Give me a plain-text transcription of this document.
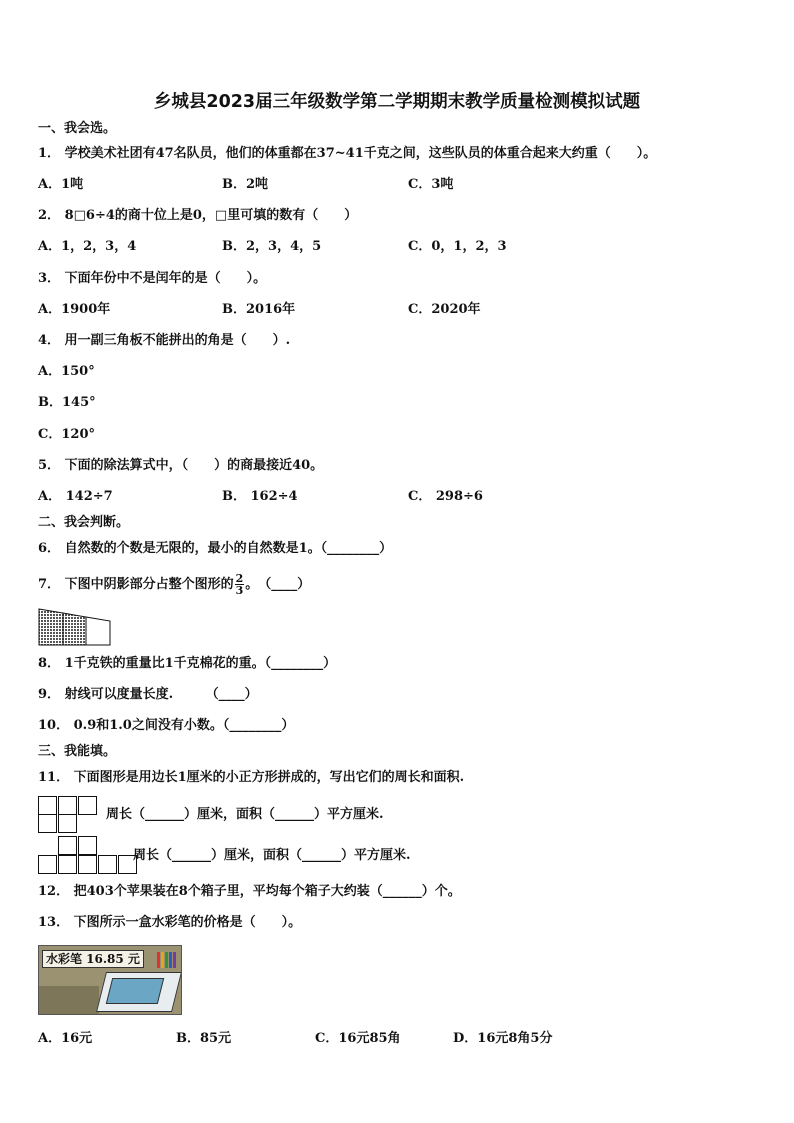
乡城县2023届三年级数学第二学期期末教学质量检测模拟试题
一、我会选。
1． 学校美术社团有47名队员，他们的体重都在37~41千克之间，这些队员的体重合起来大约重（　　）。
A．1吨	B．2吨	C．3吨
2． 8□6÷4的商十位上是0，□里可填的数有（　　）
A．1，2，3，4	B．2，3，4，5	C．0，1，2，3
3． 下面年份中不是闰年的是（　　）。
A．1900年	B．2016年	C．2020年
4． 用一副三角板不能拼出的角是（　　）.
A．150°
B．145°
C．120°
5． 下面的除法算式中，（　　）的商最接近40。
A． 142÷7	B． 162÷4	C． 298÷6
二、我会判断。
6． 自然数的个数是无限的，最小的自然数是1。（________）
7． 下图中阴影部分占整个图形的 $\frac{2}{3}$ 。　（____）
8． 1千克铁的重量比1千克棉花的重。（________）
9． 射线可以度量长度.　　　（____）
10． 0.9和1.0之间没有小数。（________）
三、我能填。
11． 下面图形是用边长1厘米的小正方形拼成的，写出它们的周长和面积.
周长（______）厘米，面积（______）平方厘米.
周长（______）厘米，面积（______）平方厘米.
12． 把403个苹果装在8个箱子里，平均每个箱子大约装（______）个。
13． 下图所示一盒水彩笔的价格是（　　）。
水彩笔 16.85 元
A．16元	B．85元	C．16元85角	D．16元8角5分
